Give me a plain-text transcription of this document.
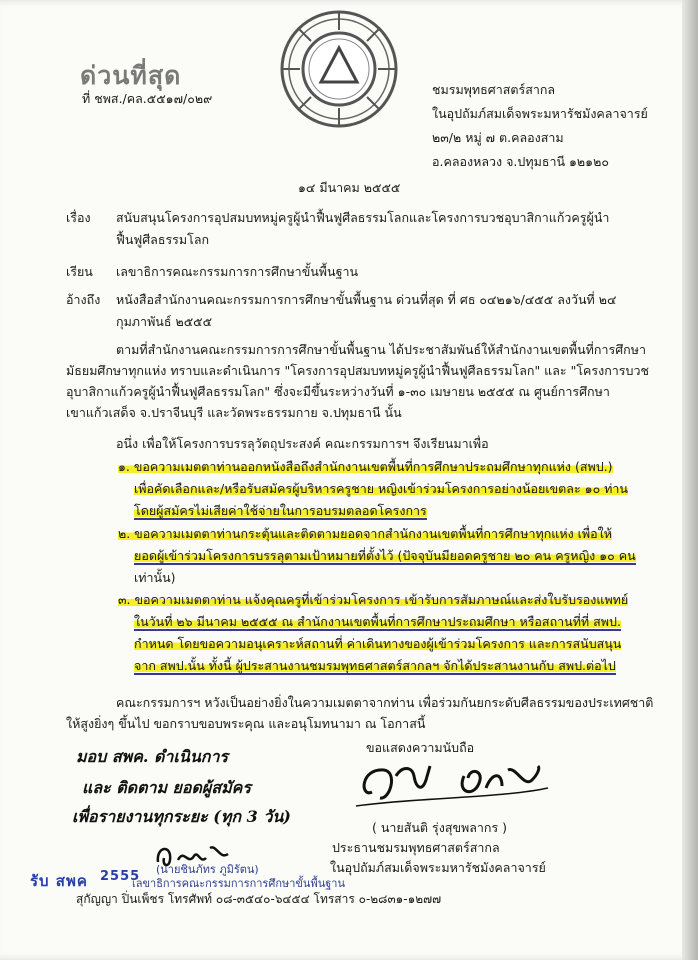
ด่วนที่สุด
ที่ ชพส./คล.๕๕๑๗/๐๒๙
ชมรมพุทธศาสตร์สากล
ในอุปถัมภ์สมเด็จพระมหารัชมังคลาจารย์
๒๓/๒ หมู่ ๗ ต.คลองสาม
อ.คลองหลวง จ.ปทุมธานี ๑๒๑๒๐
๑๔ มีนาคม ๒๕๕๕
เรื่อง สนับสนุนโครงการอุปสมบทหมู่ครูผู้นำฟื้นฟูศีลธรรมโลกและโครงการบวชอุบาสิกาแก้วครูผู้นำ
ฟื้นฟูศีลธรรมโลก
เรียน เลขาธิการคณะกรรมการการศึกษาขั้นพื้นฐาน
อ้างถึง หนังสือสำนักงานคณะกรรมการการศึกษาขั้นพื้นฐาน ด่วนที่สุด ที่ ศธ ๐๔๒๑๖/๔๕๕ ลงวันที่ ๒๔
กุมภาพันธ์ ๒๕๕๕
ตามที่สำนักงานคณะกรรมการการศึกษาขั้นพื้นฐาน ได้ประชาสัมพันธ์ให้สำนักงานเขตพื้นที่การศึกษา
มัธยมศึกษาทุกแห่ง ทราบและดำเนินการ "โครงการอุปสมบทหมู่ครูผู้นำฟื้นฟูศีลธรรมโลก" และ "โครงการบวช
อุบาสิกาแก้วครูผู้นำฟื้นฟูศีลธรรมโลก" ซึ่งจะมีขึ้นระหว่างวันที่ ๑-๓๐ เมษายน ๒๕๕๕ ณ ศูนย์การศึกษา
เขาแก้วเสด็จ จ.ปราจีนบุรี และวัดพระธรรมกาย จ.ปทุมธานี นั้น
อนึ่ง เพื่อให้โครงการบรรลุวัตถุประสงค์ คณะกรรมการฯ จึงเรียนมาเพื่อ
๑. ขอความเมตตาท่านออกหนังสือถึงสำนักงานเขตพื้นที่การศึกษาประถมศึกษาทุกแห่ง (สพป.)
เพื่อคัดเลือกและ/หรือรับสมัครผู้บริหารครูชาย หญิงเข้าร่วมโครงการอย่างน้อยเขตละ ๑๐ ท่าน
โดยผู้สมัครไม่เสียค่าใช้จ่ายในการอบรมตลอดโครงการ
๒. ขอความเมตตาท่านกระตุ้นและติดตามยอดจากสำนักงานเขตพื้นที่การศึกษาทุกแห่ง เพื่อให้
ยอดผู้เข้าร่วมโครงการบรรลุตามเป้าหมายที่ตั้งไว้ (ปัจจุบันมียอดครูชาย ๒๐ คน ครูหญิง ๑๐ คน
เท่านั้น)
๓. ขอความเมตตาท่าน แจ้งคุณครูที่เข้าร่วมโครงการ เข้ารับการสัมภาษณ์และส่งใบรับรองแพทย์
ในวันที่ ๒๖ มีนาคม ๒๕๕๕ ณ สำนักงานเขตพื้นที่การศึกษาประถมศึกษา หรือสถานที่ที่ สพป.
กำหนด โดยขอความอนุเคราะห์สถานที่ ค่าเดินทางของผู้เข้าร่วมโครงการ และการสนับสนุน
จาก สพป.นั้น ทั้งนี้ ผู้ประสานงานชมรมพุทธศาสตร์สากลฯ จักได้ประสานงานกับ สพป.ต่อไป
คณะกรรมการฯ หวังเป็นอย่างยิ่งในความเมตตาจากท่าน เพื่อร่วมกันยกระดับศีลธรรมของประเทศชาติ
ให้สูงยิ่งๆ ขึ้นไป ขอกราบขอบพระคุณ และอนุโมทนามา ณ โอกาสนี้
มอบ สพค. ดำเนินการ
และ ติดตาม ยอดผู้สมัคร
เพื่อรายงานทุกระยะ (ทุก 3 วัน)
ขอแสดงความนับถือ
( นายสันติ รุ่งสุขพลากร )
ประธานชมรมพุทธศาสตร์สากล
ในอุปถัมภ์สมเด็จพระมหารัชมังคลาจารย์
รับ สพค 2555 (นายชินภัทร ภูมิรัตน)
เลขาธิการคณะกรรมการการศึกษาขั้นพื้นฐาน
สุกัญญา ปิ่นเพ็ชร โทรศัพท์ ๐๘-๓๕๔๐-๖๔๕๔ โทรสาร ๐-๒๘๓๑-๑๒๗๗
